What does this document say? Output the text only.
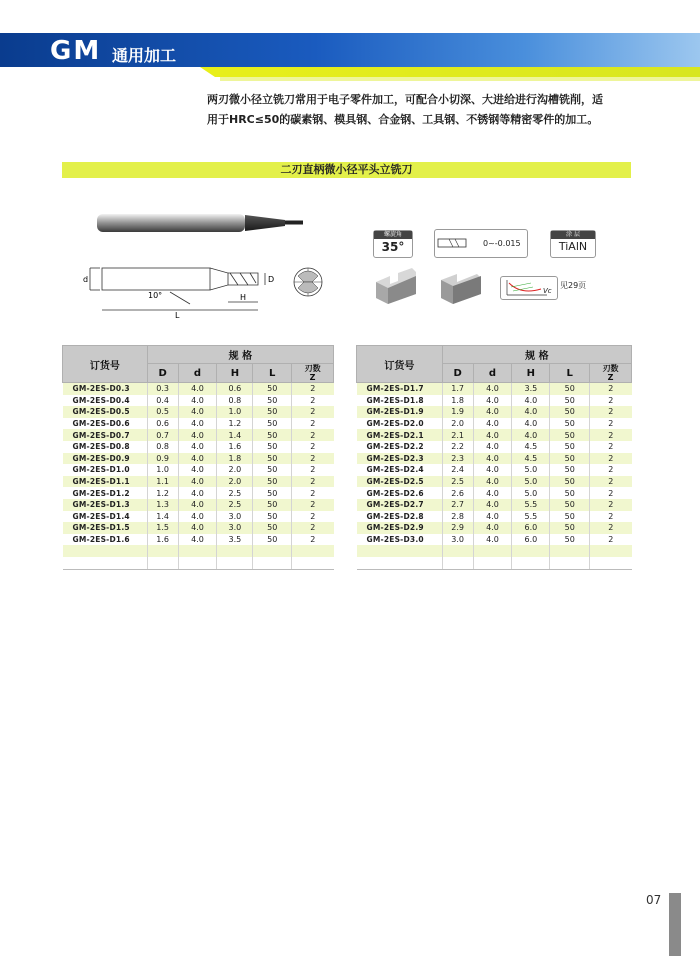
GM 通用加工
两刃微小径立铣刀常用于电子零件加工，可配合小切深、大进给进行沟槽铣削，适
用于HRC≤50的碳素钢、模具钢、合金钢、工具钢、不锈钢等精密零件的加工。
二刃直柄微小径平头立铣刀
d	D
H
L
10°
螺旋角
35°	0~-0.015
涂 层
TiAlN
Vc
见29页
订货号	规 格				
	D	d	H	L	刃数
Z

GM-2ES-D0.3	0.3	4.0	0.6	50	2
GM-2ES-D0.4	0.4	4.0	0.8	50	2
GM-2ES-D0.5	0.5	4.0	1.0	50	2
GM-2ES-D0.6	0.6	4.0	1.2	50	2
GM-2ES-D0.7	0.7	4.0	1.4	50	2
GM-2ES-D0.8	0.8	4.0	1.6	50	2
GM-2ES-D0.9	0.9	4.0	1.8	50	2
GM-2ES-D1.0	1.0	4.0	2.0	50	2
GM-2ES-D1.1	1.1	4.0	2.0	50	2
GM-2ES-D1.2	1.2	4.0	2.5	50	2
GM-2ES-D1.3	1.3	4.0	2.5	50	2
GM-2ES-D1.4	1.4	4.0	3.0	50	2
GM-2ES-D1.5	1.5	4.0	3.0	50	2
GM-2ES-D1.6	1.6	4.0	3.5	50	2

订货号	规 格				
	D	d	H	L	刃数
Z

GM-2ES-D1.7	1.7	4.0	3.5	50	2
GM-2ES-D1.8	1.8	4.0	4.0	50	2
GM-2ES-D1.9	1.9	4.0	4.0	50	2
GM-2ES-D2.0	2.0	4.0	4.0	50	2
GM-2ES-D2.1	2.1	4.0	4.0	50	2
GM-2ES-D2.2	2.2	4.0	4.5	50	2
GM-2ES-D2.3	2.3	4.0	4.5	50	2
GM-2ES-D2.4	2.4	4.0	5.0	50	2
GM-2ES-D2.5	2.5	4.0	5.0	50	2
GM-2ES-D2.6	2.6	4.0	5.0	50	2
GM-2ES-D2.7	2.7	4.0	5.5	50	2
GM-2ES-D2.8	2.8	4.0	5.5	50	2
GM-2ES-D2.9	2.9	4.0	6.0	50	2
GM-2ES-D3.0	3.0	4.0	6.0	50	2

07
